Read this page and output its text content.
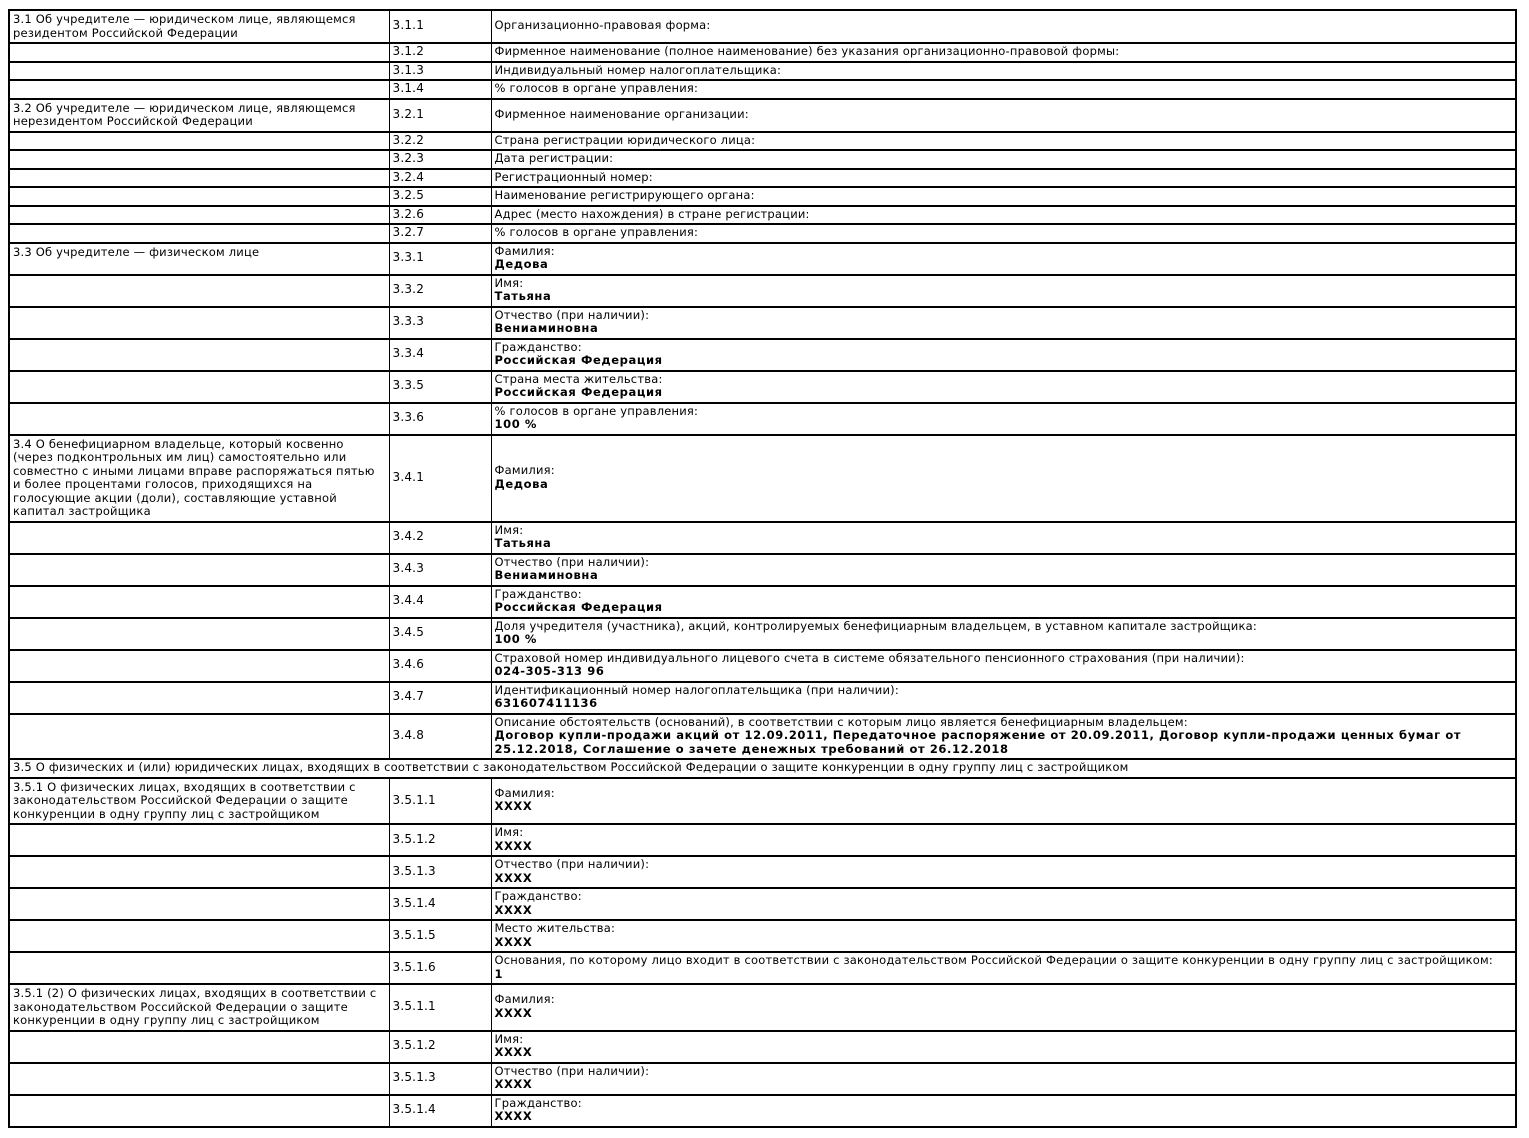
3.1 Об учредителе — юридическом лице, являющемся резидентом Российской Федерации	3.1.1	Организационно-правовая форма:

	3.1.2	Фирменное наименование (полное наименование) без указания организационно-правовой формы:

	3.1.3	Индивидуальный номер налогоплательщика:

	3.1.4	% голосов в органе управления:

3.2 Об учредителе — юридическом лице, являющемся нерезидентом Российской Федерации	3.2.1	Фирменное наименование организации:

	3.2.2	Страна регистрации юридического лица:

	3.2.3	Дата регистрации:

	3.2.4	Регистрационный номер:

	3.2.5	Наименование регистрирующего органа:

	3.2.6	Адрес (место нахождения) в стране регистрации:

	3.2.7	% голосов в органе управления:

3.3 Об учредителе — физическом лице	3.3.1	Фамилия:
Дедова

	3.3.2	Имя:
Татьяна

	3.3.3	Отчество (при наличии):
Вениаминовна

	3.3.4	Гражданство:
Российская Федерация

	3.3.5	Страна места жительства:
Российская Федерация

	3.3.6	% голосов в органе управления:
100 %

3.4 О бенефициарном владельце, который косвенно (через подконтрольных им лиц) самостоятельно или совместно с иными лицами вправе распоряжаться пятью и более процентами голосов, приходящихся на голосующие акции (доли), составляющие уставной капитал застройщика	3.4.1	Фамилия:
Дедова

	3.4.2	Имя:
Татьяна

	3.4.3	Отчество (при наличии):
Вениаминовна

	3.4.4	Гражданство:
Российская Федерация

	3.4.5	Доля учредителя (участника), акций, контролируемых бенефициарным владельцем, в уставном капитале застройщика:
100 %

	3.4.6	Страховой номер индивидуального лицевого счета в системе обязательного пенсионного страхования (при наличии):
024-305-313 96

	3.4.7	Идентификационный номер налогоплательщика (при наличии):
631607411136

	3.4.8	Описание обстоятельств (оснований), в соответствии с которым лицо является бенефициарным владельцем:
Договор купли-продажи акций от 12.09.2011, Передаточное распоряжение от 20.09.2011, Договор купли-продажи ценных бумаг от 25.12.2018, Соглашение о зачете денежных требований от 26.12.2018

3.5 О физических и (или) юридических лицах, входящих в соответствии с законодательством Российской Федерации о защите конкуренции в одну группу лиц с застройщиком		
3.5.1 О физических лицах, входящих в соответствии с законодательством Российской Федерации о защите конкуренции в одну группу лиц с застройщиком	3.5.1.1	Фамилия:
XXXX

	3.5.1.2	Имя:
XXXX

	3.5.1.3	Отчество (при наличии):
XXXX

	3.5.1.4	Гражданство:
XXXX

	3.5.1.5	Место жительства:
XXXX

	3.5.1.6	Основания, по которому лицо входит в соответствии с законодательством Российской Федерации о защите конкуренции в одну группу лиц с застройщиком:
1

3.5.1 (2) О физических лицах, входящих в соответствии с законодательством Российской Федерации о защите конкуренции в одну группу лиц с застройщиком	3.5.1.1	Фамилия:
XXXX

	3.5.1.2	Имя:
XXXX

	3.5.1.3	Отчество (при наличии):
XXXX

	3.5.1.4	Гражданство:
XXXX
